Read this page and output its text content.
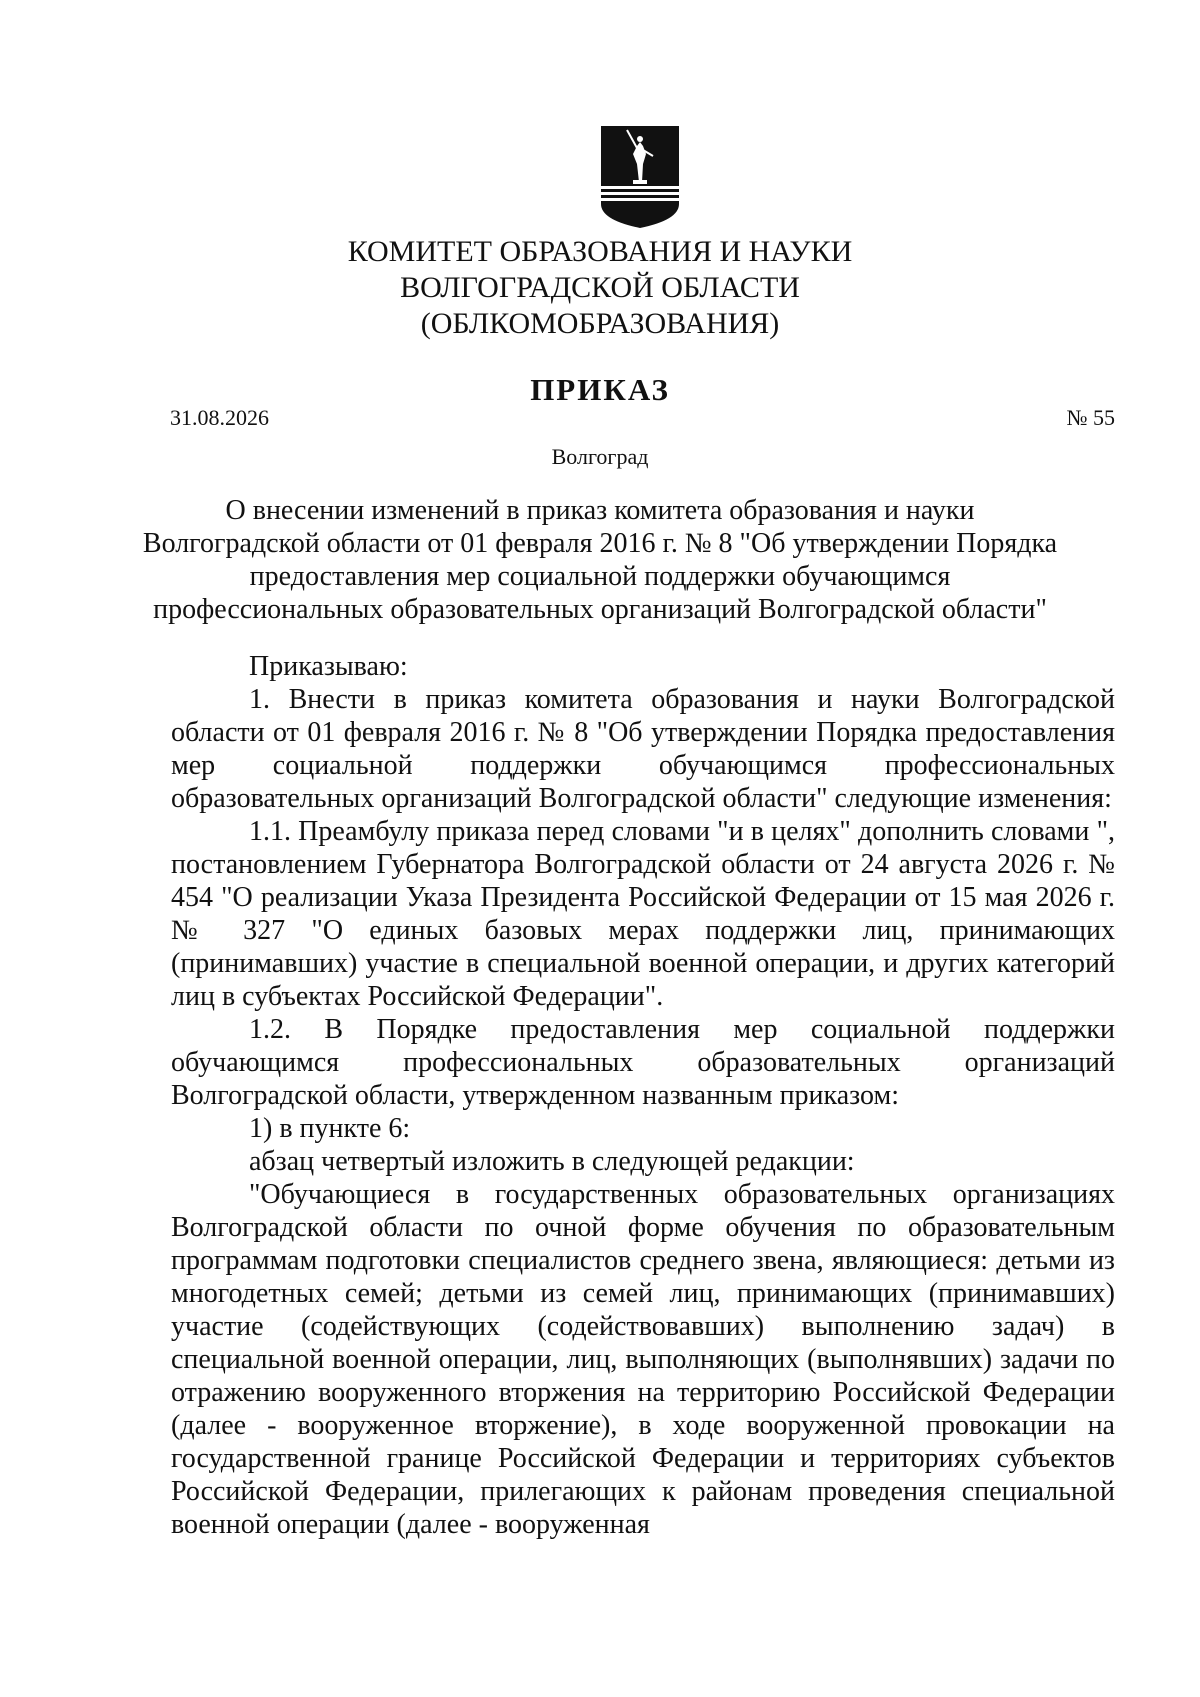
КОМИТЕТ ОБРАЗОВАНИЯ И НАУКИ
ВОЛГОГРАДСКОЙ ОБЛАСТИ
(ОБЛКОМОБРАЗОВАНИЯ)
ПРИКАЗ
31.08.2026	№ 55
Волгоград
О внесении изменений в приказ комитета образования и науки
Волгоградской области от 01 февраля 2016 г. № 8 "Об утверждении Порядка
предоставления мер социальной поддержки обучающимся
профессиональных образовательных организаций Волгоградской области"

Приказываю:

1. Внести в приказ комитета образования и науки Волгоградской области от 01 февраля 2016 г. № 8 "Об утверждении Порядка предоставления мер социальной поддержки обучающимся профессиональных образовательных организаций Волгоградской области" следующие изменения:

1.1. Преамбулу приказа перед словами "и в целях" дополнить словами ", постановлением Губернатора Волгоградской области от 24 августа 2026 г. № 454 "О реализации Указа Президента Российской Федерации от 15 мая 2026 г. № 327 "О единых базовых мерах поддержки лиц, принимающих (принимавших) участие в специальной военной операции, и других категорий лиц в субъектах Российской Федерации".

1.2. В Порядке предоставления мер социальной поддержки обучающимся профессиональных образовательных организаций Волгоградской области, утвержденном названным приказом:

1) в пункте 6:

абзац четвертый изложить в следующей редакции:

"Обучающиеся в государственных образовательных организациях Волгоградской области по очной форме обучения по образовательным программам подготовки специалистов среднего звена, являющиеся: детьми из многодетных семей; детьми из семей лиц, принимающих (принимавших) участие (содействующих (содействовавших) выполнению задач) в специальной военной операции, лиц, выполняющих (выполнявших) задачи по отражению вооруженного вторжения на территорию Российской Федерации (далее - вооруженное вторжение), в ходе вооруженной провокации на государственной границе Российской Федерации и территориях субъектов Российской Федерации, прилегающих к районам проведения специальной военной операции (далее - вооруженная
